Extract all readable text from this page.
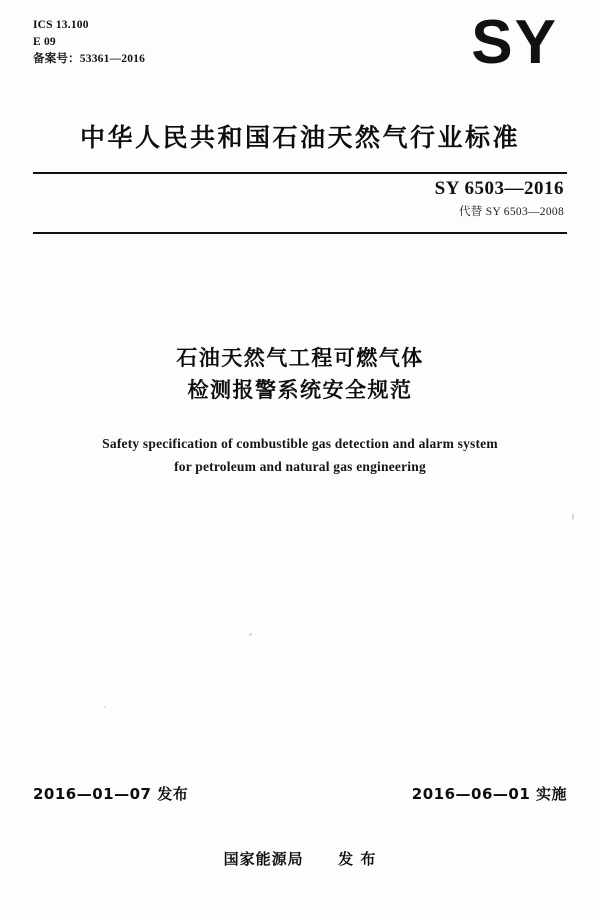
ICS 13.100
E 09
备案号：53361—2016	SY
中华人民共和国石油天然气行业标准
SY 6503—2016
代替 SY 6503—2008
石油天然气工程可燃气体
检测报警系统安全规范
Safety specification of combustible gas detection and alarm system
for petroleum and natural gas engineering
2016—01—07 发布	2016—06—01 实施
国家能源局 发 布
